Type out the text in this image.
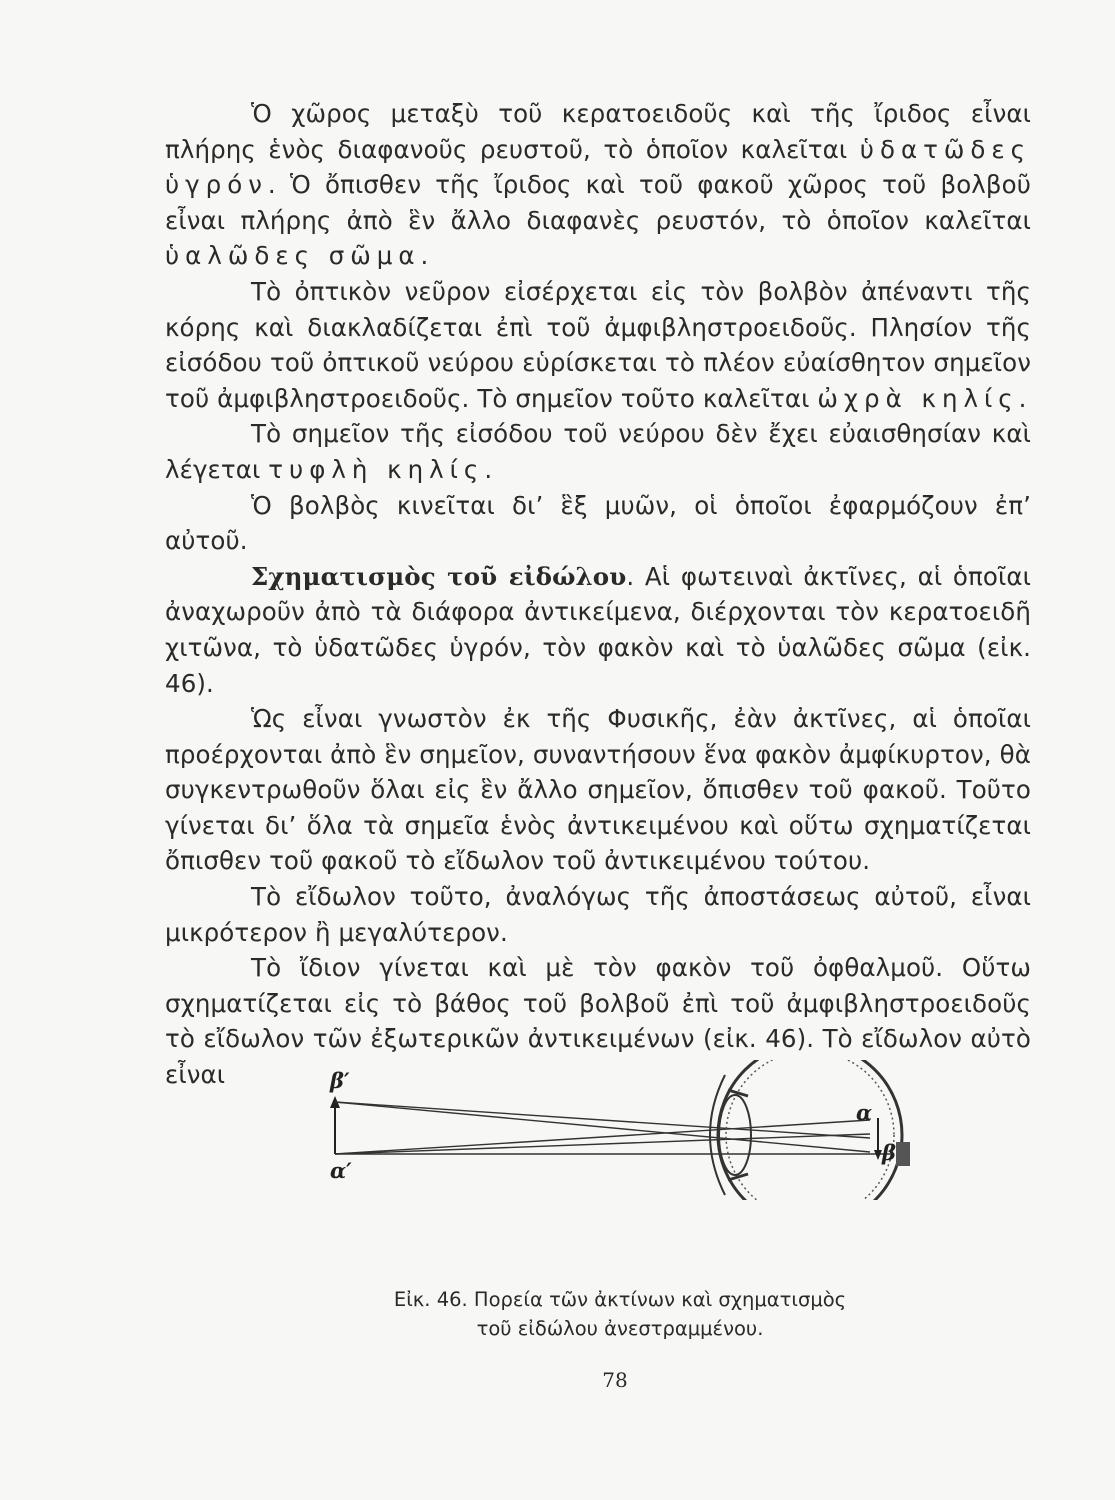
Ὁ χῶρος μεταξὺ τοῦ κερατοειδοῦς καὶ τῆς ἴριδος εἶναι πλήρης ἑνὸς διαφανοῦς ρευστοῦ, τὸ ὁποῖον καλεῖται ὑδατῶδες ὑγρόν. Ὁ ὄπισθεν τῆς ἴριδος καὶ τοῦ φακοῦ χῶρος τοῦ βολβοῦ εἶναι πλήρης ἀπὸ ἓν ἄλλο διαφανὲς ρευστόν, τὸ ὁποῖον καλεῖται ὑαλῶδες σῶμα.

Τὸ ὀπτικὸν νεῦρον εἰσέρχεται εἰς τὸν βολβὸν ἀπέναντι τῆς κόρης καὶ διακλαδίζεται ἐπὶ τοῦ ἀμφιβληστροειδοῦς. Πλησίον τῆς εἰσόδου τοῦ ὀπτικοῦ νεύρου εὑρίσκεται τὸ πλέον εὐαίσθητον σημεῖον τοῦ ἀμφιβληστροειδοῦς. Τὸ σημεῖον τοῦτο καλεῖται ὠχρὰ κηλίς.

Τὸ σημεῖον τῆς εἰσόδου τοῦ νεύρου δὲν ἔχει εὐαισθησίαν καὶ λέγεται τυφλὴ κηλίς.

Ὁ βολβὸς κινεῖται δι’ ἓξ μυῶν, οἱ ὁποῖοι ἐφαρμόζουν ἐπ’ αὐτοῦ.

Σχηματισμὸς τοῦ εἰδώλου. Αἱ φωτειναὶ ἀκτῖνες, αἱ ὁποῖαι ἀναχωροῦν ἀπὸ τὰ διάφορα ἀντικείμενα, διέρχονται τὸν κερατοειδῆ χιτῶνα, τὸ ὑδατῶδες ὑγρόν, τὸν φακὸν καὶ τὸ ὑαλῶδες σῶμα (εἰκ. 46).

Ὡς εἶναι γνωστὸν ἐκ τῆς Φυσικῆς, ἐὰν ἀκτῖνες, αἱ ὁποῖαι προέρχονται ἀπὸ ἓν σημεῖον, συναντήσουν ἕνα φακὸν ἀμφίκυρτον, θὰ συγκεντρωθοῦν ὅλαι εἰς ἓν ἄλλο σημεῖον, ὄπισθεν τοῦ φακοῦ. Τοῦτο γίνεται δι’ ὅλα τὰ σημεῖα ἑνὸς ἀντικειμένου καὶ οὕτω σχηματίζεται ὄπισθεν τοῦ φακοῦ τὸ εἴδωλον τοῦ ἀντικειμένου τούτου.

Τὸ εἴδωλον τοῦτο, ἀναλόγως τῆς ἀποστάσεως αὐτοῦ, εἶναι μικρότερον ἢ μεγαλύτερον.

Τὸ ἴδιον γίνεται καὶ μὲ τὸν φακὸν τοῦ ὀφθαλμοῦ. Οὕτω σχηματίζεται εἰς τὸ βάθος τοῦ βολβοῦ ἐπὶ τοῦ ἀμφιβληστροειδοῦς τὸ εἴδωλον τῶν ἐξωτερικῶν ἀντικειμένων (εἰκ. 46). Τὸ εἴδωλον αὐτὸ εἶναι	β′
α′
α
β
Εἰκ. 46. Πορεία τῶν ἀκτίνων καὶ σχηματισμὸς
τοῦ εἰδώλου ἀνεστραμμένου.
78
